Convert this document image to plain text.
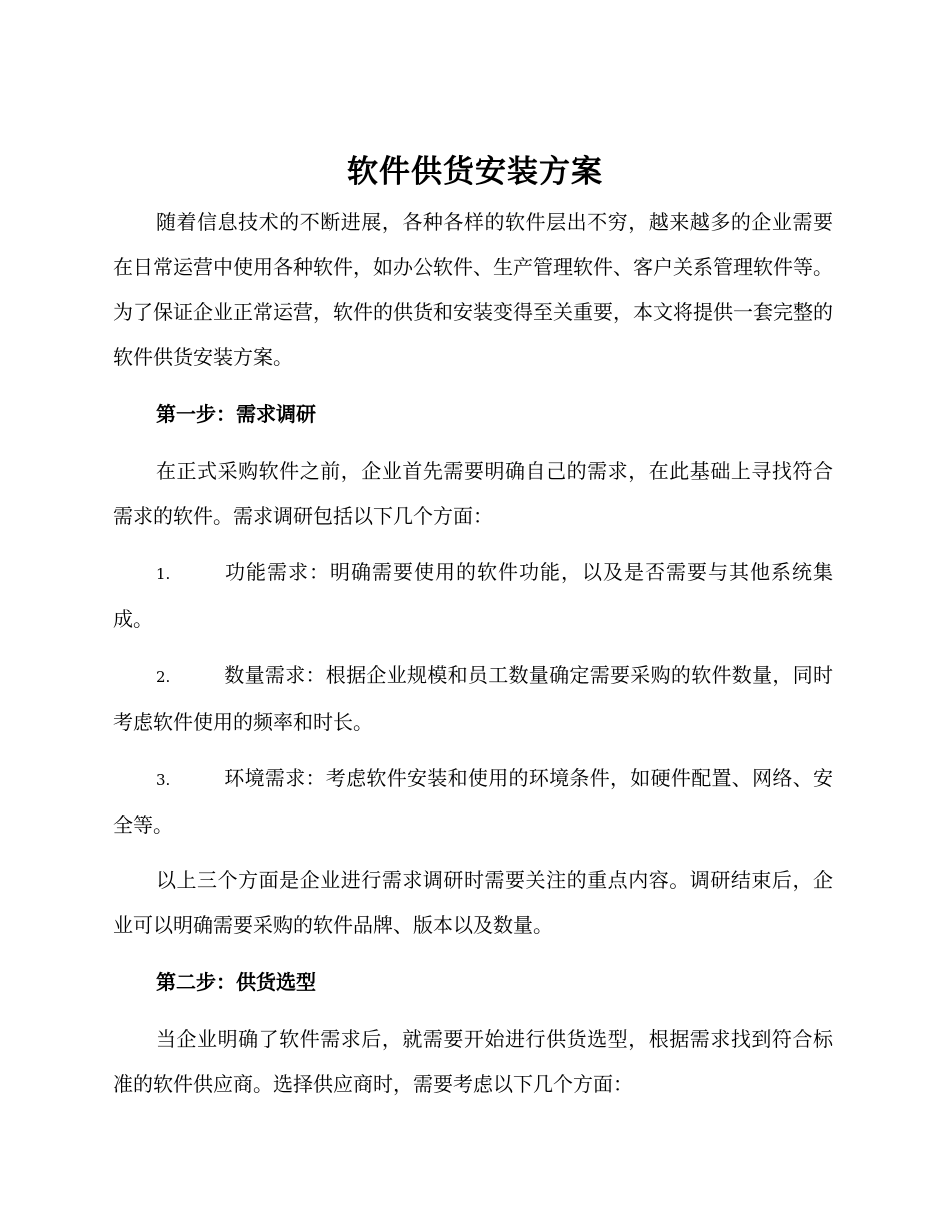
软件供货安装方案

随着信息技术的不断进展，各种各样的软件层出不穷，越来越多的企业需要在日常运营中使用各种软件，如办公软件、生产管理软件、客户关系管理软件等。为了保证企业正常运营，软件的供货和安装变得至关重要，本文将提供一套完整的软件供货安装方案。

第一步：需求调研

在正式采购软件之前，企业首先需要明确自己的需求，在此基础上寻找符合需求的软件。需求调研包括以下几个方面：

1.	功能需求：明确需要使用的软件功能，以及是否需要与其他系统集成。

2.	数量需求：根据企业规模和员工数量确定需要采购的软件数量，同时考虑软件使用的频率和时长。

3.	环境需求：考虑软件安装和使用的环境条件，如硬件配置、网络、安全等。

以上三个方面是企业进行需求调研时需要关注的重点内容。调研结束后，企业可以明确需要采购的软件品牌、版本以及数量。

第二步：供货选型

当企业明确了软件需求后，就需要开始进行供货选型，根据需求找到符合标准的软件供应商。选择供应商时，需要考虑以下几个方面：
